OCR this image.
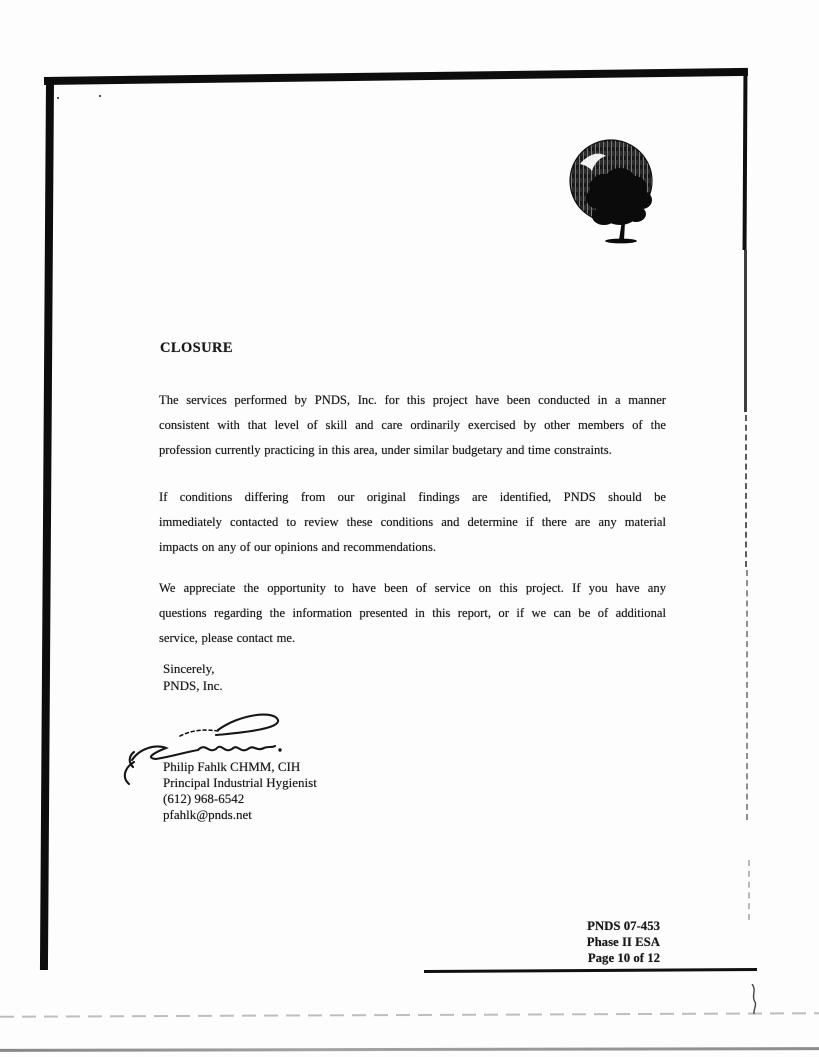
CLOSURE
The services performed by PNDS, Inc. for this project have been conducted in a manner
consistent with that level of skill and care ordinarily exercised by other members of the
profession currently practicing in this area, under similar budgetary and time constraints.
If conditions differing from our original findings are identified, PNDS should be
immediately contacted to review these conditions and determine if there are any material
impacts on any of our opinions and recommendations.
We appreciate the opportunity to have been of service on this project. If you have any
questions regarding the information presented in this report, or if we can be of additional
service, please contact me.
Sincerely,
PNDS, Inc.
Philip Fahlk CHMM, CIH
Principal Industrial Hygienist
(612) 968-6542
pfahlk@pnds.net
PNDS 07-453
Phase II ESA
Page 10 of 12
